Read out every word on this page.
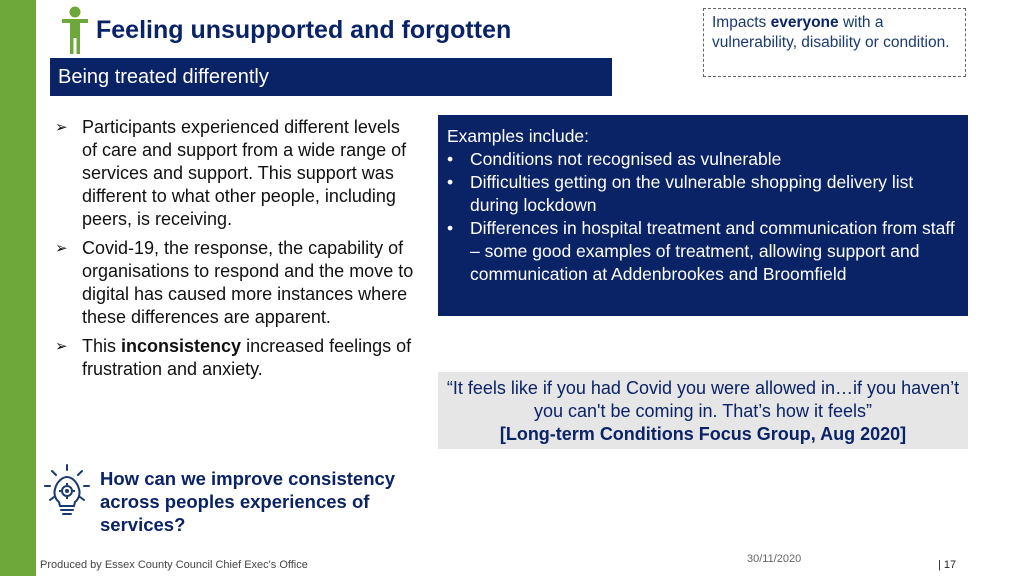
Feeling unsupported and forgotten
Being treated differently
Impacts everyone with a vulnerability, disability or condition.
➢ Participants experienced different levels of care and support from a wide range of services and support. This support was different to what other people, including peers, is receiving.
➢ Covid-19, the response, the capability of organisations to respond and the move to digital has caused more instances where these differences are apparent.
➢ This inconsistency increased feelings of frustration and anxiety.
Examples include:
• Conditions not recognised as vulnerable
• Difficulties getting on the vulnerable shopping delivery list during lockdown
• Differences in hospital treatment and communication from staff – some good examples of treatment, allowing support and communication at Addenbrookes and Broomfield
“It feels like if you had Covid you were allowed in…if you haven’t you can't be coming in. That’s how it feels”
[Long-term Conditions Focus Group, Aug 2020]
How can we improve consistency across peoples experiences of services?
Produced by Essex County Council Chief Exec's Office	30/11/2020	| 17
